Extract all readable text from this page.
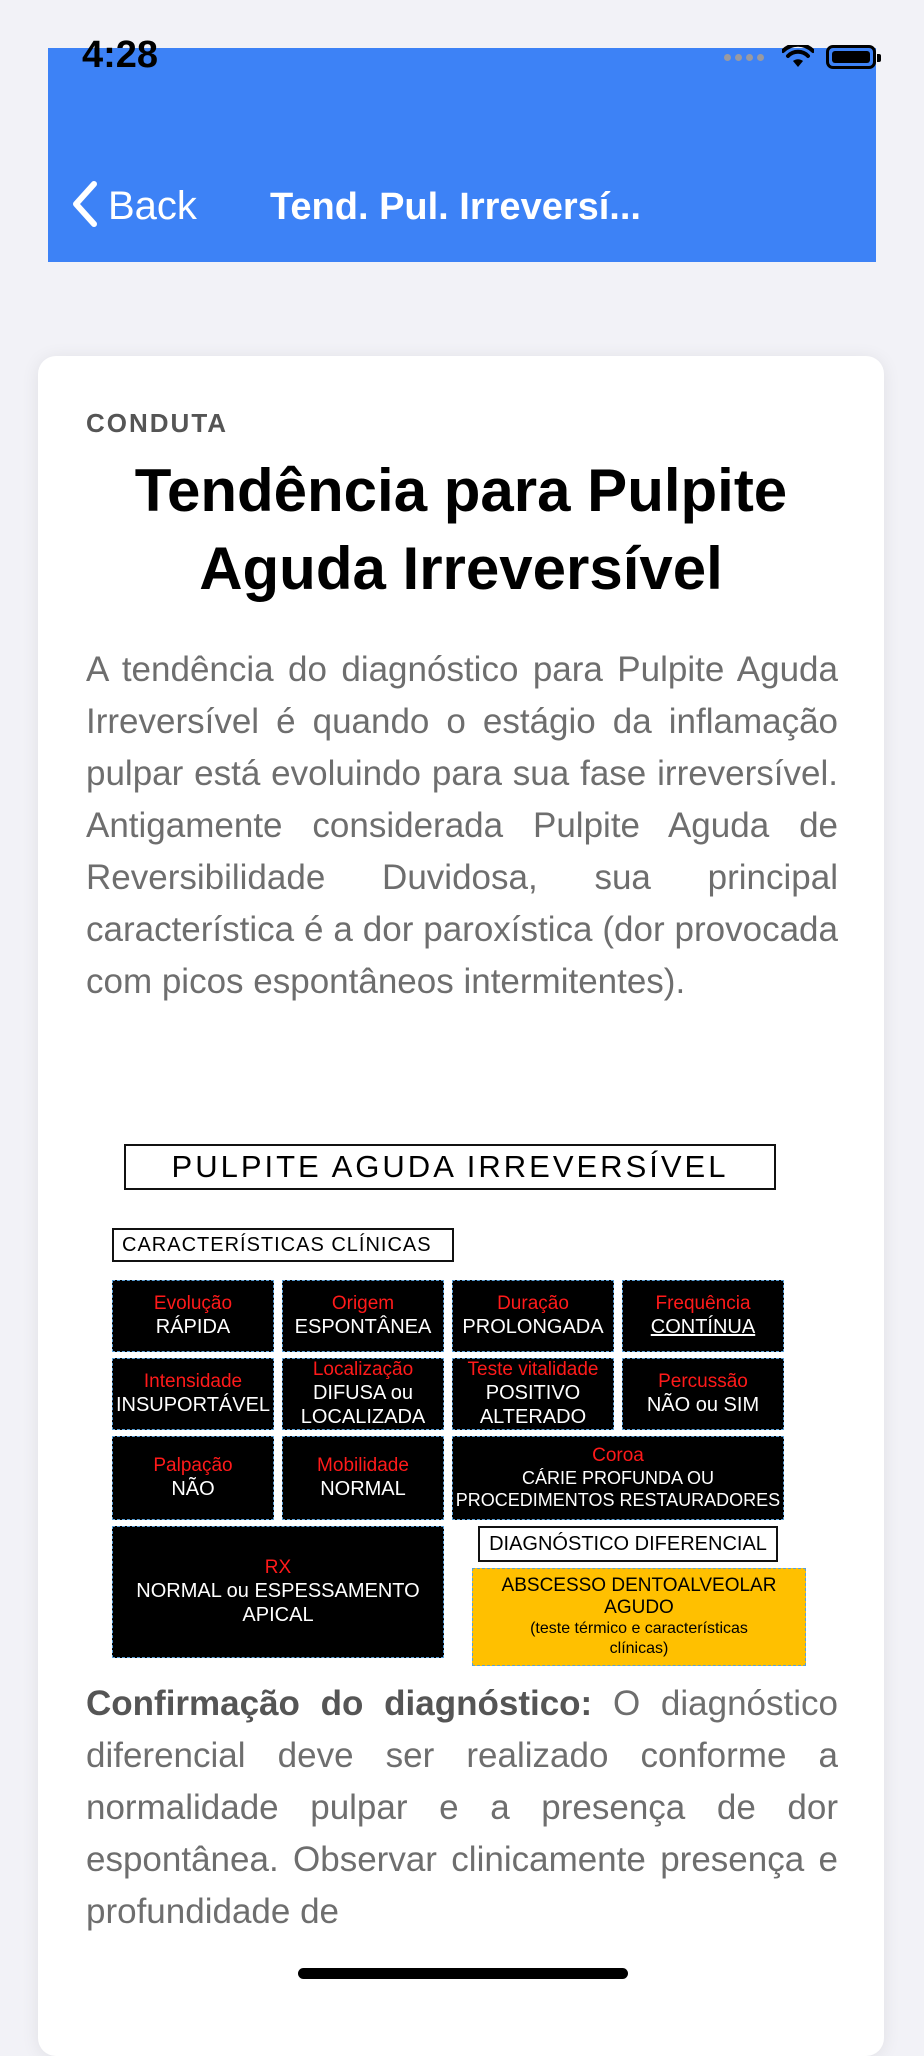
4:28
Back Tend. Pul. Irreversí...
CONDUTA
Tendência para Pulpite Aguda Irreversível
A tendência do diagnóstico para Pulpite Aguda Irreversível é quando o estágio da inflamação pulpar está evoluindo para sua fase irreversível. Antigamente considerada Pulpite Aguda de Reversibilidade Duvidosa, sua principal característica é a dor paroxística (dor provocada com picos espontâneos intermitentes).
PULPITE AGUDA IRREVERSÍVEL
CARACTERÍSTICAS CLÍNICAS
Evolução
RÁPIDA
Origem
ESPONTÂNEA
Duração
PROLONGADA
Frequência
CONTÍNUA
Intensidade
INSUPORTÁVEL
Localização
DIFUSA ou
LOCALIZADA
Teste vitalidade
POSITIVO
ALTERADO
Percussão
NÃO ou SIM
Palpação
NÃO
Mobilidade
NORMAL
Coroa
CÁRIE PROFUNDA OU
PROCEDIMENTOS RESTAURADORES
RX
NORMAL ou ESPESSAMENTO
APICAL
DIAGNÓSTICO DIFERENCIAL
ABSCESSO DENTOALVEOLAR
AGUDO
(teste térmico e características
clínicas)
Confirmação do diagnóstico: O diagnóstico diferencial deve ser realizado conforme a normalidade pulpar e a presença de dor espontânea. Observar clinicamente presença e profundidade de
